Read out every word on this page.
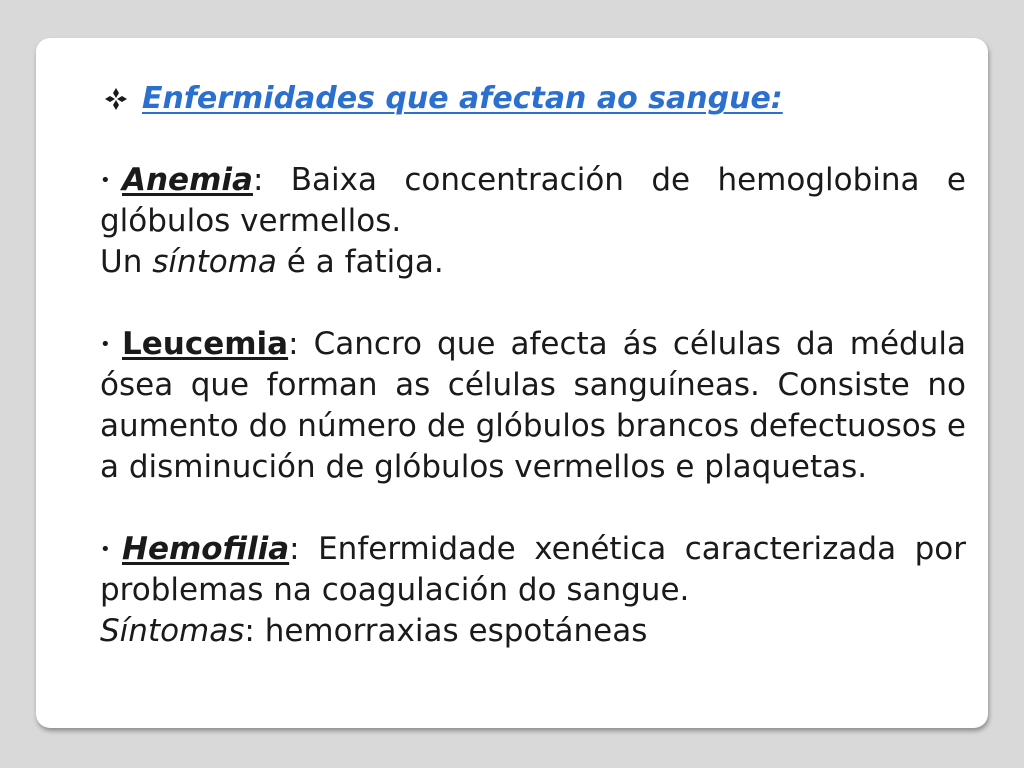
Enfermidades que afectan ao sangue:

• Anemia: Baixa concentración de hemoglobina e glóbulos vermellos.

Un síntoma é a fatiga.

• Leucemia: Cancro que afecta ás células da médula ósea que forman as células sanguíneas. Consiste no aumento do número de glóbulos brancos defectuosos e a disminución de glóbulos vermellos e plaquetas.

• Hemofilia: Enfermidade xenética caracterizada por problemas na coagulación do sangue.

Síntomas: hemorraxias espotáneas
